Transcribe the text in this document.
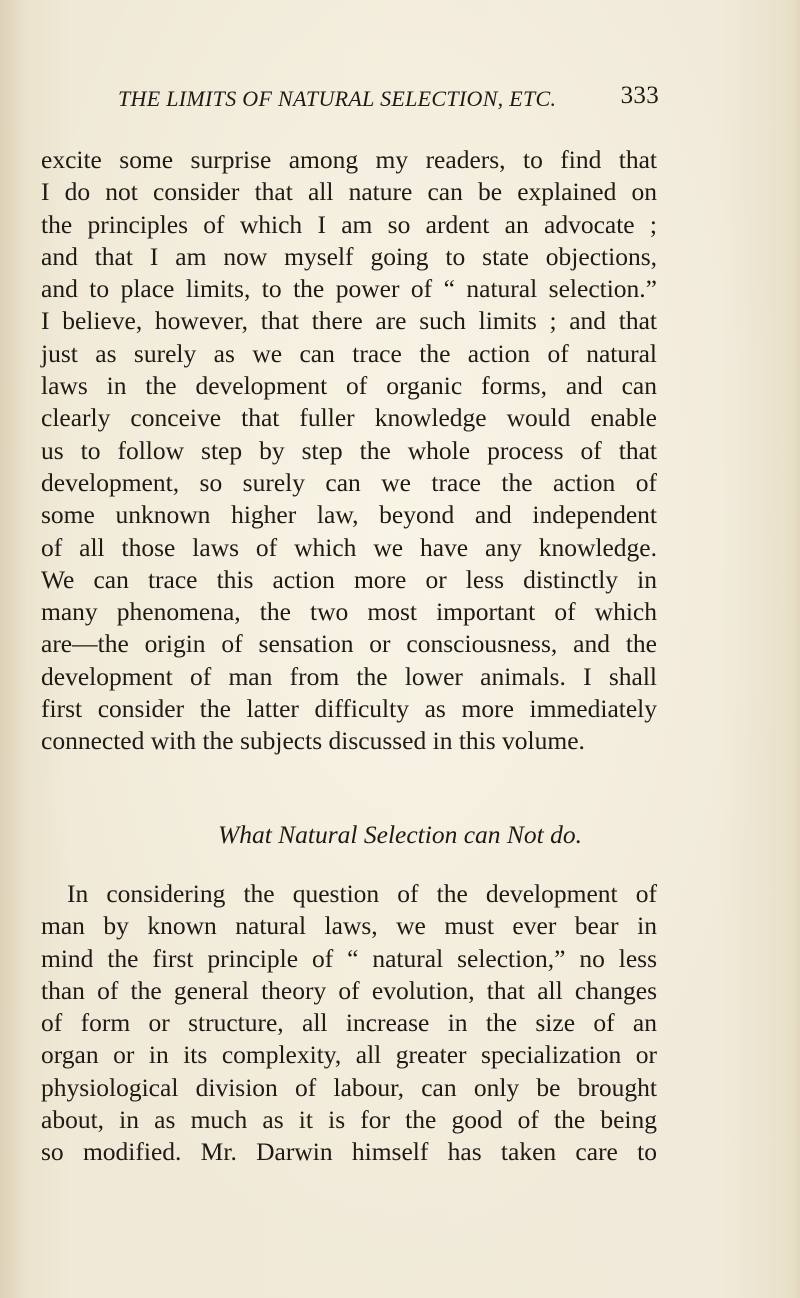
THE LIMITS OF NATURAL SELECTION, ETC.	333
excite some surprise among my readers, to find that
I do not consider that all nature can be explained on
the principles of which I am so ardent an advocate ;
and that I am now myself going to state objections,
and to place limits, to the power of “ natural selection.”
I believe, however, that there are such limits ; and that
just as surely as we can trace the action of natural
laws in the development of organic forms, and can
clearly conceive that fuller knowledge would enable
us to follow step by step the whole process of that
development, so surely can we trace the action of
some unknown higher law, beyond and independent
of all those laws of which we have any knowledge.
We can trace this action more or less distinctly in
many phenomena, the two most important of which
are—the origin of sensation or consciousness, and the
development of man from the lower animals. I shall
first consider the latter difficulty as more immediately
connected with the subjects discussed in this volume.
What Natural Selection can Not do.
In considering the question of the development of
man by known natural laws, we must ever bear in
mind the first principle of “ natural selection,” no less
than of the general theory of evolution, that all changes
of form or structure, all increase in the size of an
organ or in its complexity, all greater specialization or
physiological division of labour, can only be brought
about, in as much as it is for the good of the being
so modified. Mr. Darwin himself has taken care to
